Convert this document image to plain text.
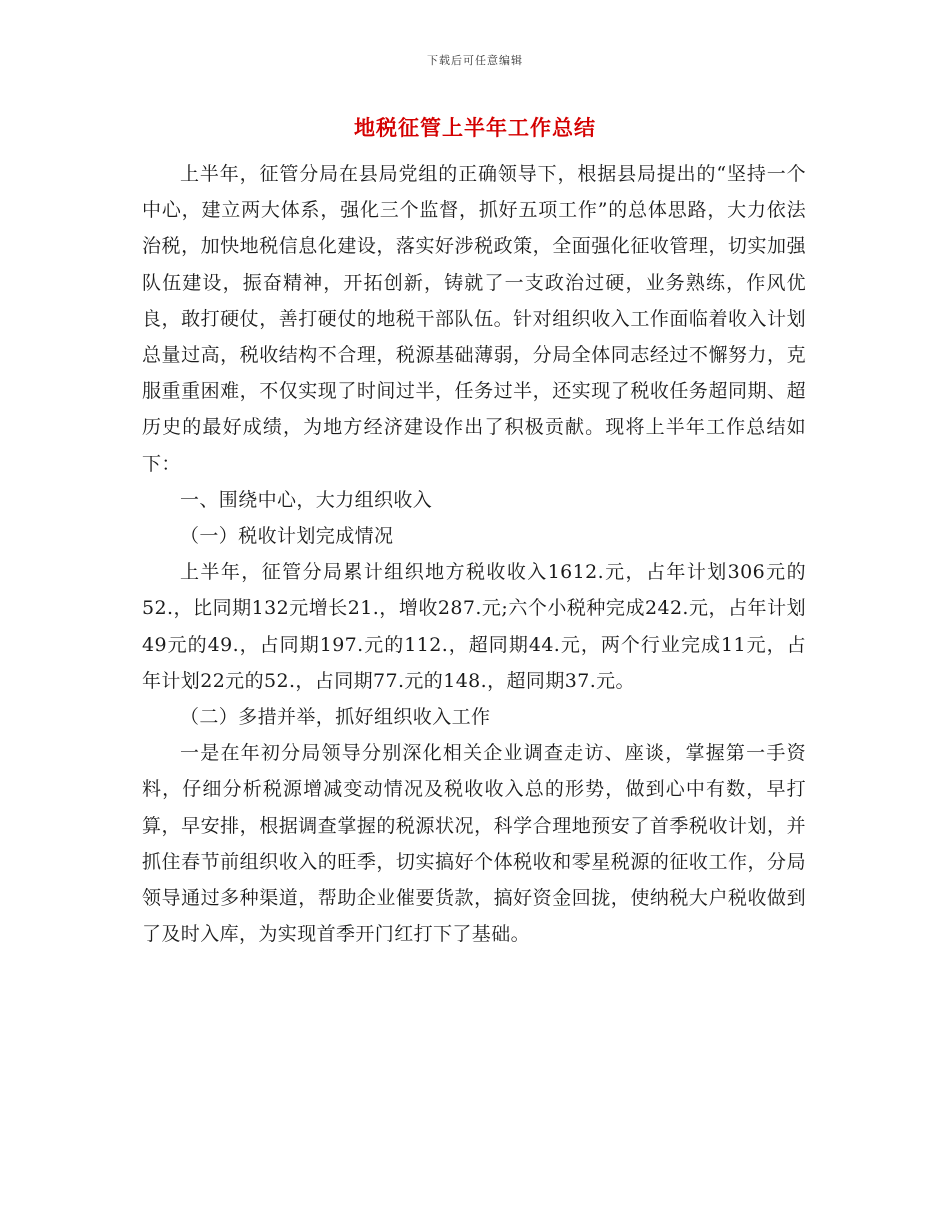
下载后可任意编辑
地税征管上半年工作总结

上半年，征管分局在县局党组的正确领导下，根据县局提出的“坚持一个中心，建立两大体系，强化三个监督，抓好五项工作”的总体思路，大力依法治税，加快地税信息化建设，落实好涉税政策，全面强化征收管理，切实加强队伍建设，振奋精神，开拓创新，铸就了一支政治过硬，业务熟练，作风优良，敢打硬仗，善打硬仗的地税干部队伍。针对组织收入工作面临着收入计划总量过高，税收结构不合理，税源基础薄弱，分局全体同志经过不懈努力，克服重重困难，不仅实现了时间过半，任务过半，还实现了税收任务超同期、超历史的最好成绩，为地方经济建设作出了积极贡献。现将上半年工作总结如下：

一、围绕中心，大力组织收入

（一）税收计划完成情况

上半年，征管分局累计组织地方税收收入1612.元，占年计划306元的52.，比同期132元增长21.，增收287.元;六个小税种完成242.元，占年计划49元的49.，占同期197.元的112.，超同期44.元，两个行业完成11元，占年计划22元的52.，占同期77.元的148.，超同期37.元。

（二）多措并举，抓好组织收入工作

一是在年初分局领导分别深化相关企业调查走访、座谈，掌握第一手资料，仔细分析税源增减变动情况及税收收入总的形势，做到心中有数，早打算，早安排，根据调查掌握的税源状况，科学合理地预安了首季税收计划，并抓住春节前组织收入的旺季，切实搞好个体税收和零星税源的征收工作，分局领导通过多种渠道，帮助企业催要货款，搞好资金回拢，使纳税大户税收做到了及时入库，为实现首季开门红打下了基础。
